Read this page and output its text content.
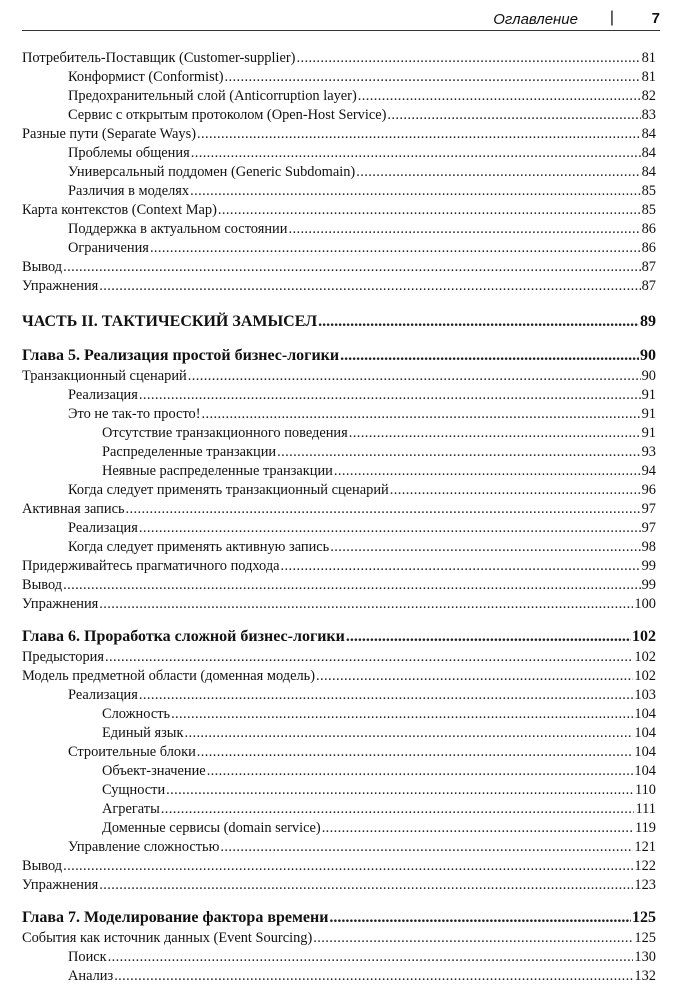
Оглавление |	7
Потребитель-Поставщик (Customer-supplier) . . .	81
Конформист (Conformist) . . .	81
Предохранительный слой (Anticorruption layer) . . .	82
Сервис с открытым протоколом (Open-Host Service) . . .	83
Разные пути (Separate Ways) . . .	84
Проблемы общения . . .	84
Универсальный поддомен (Generic Subdomain) . . .	84
Различия в моделях . . .	85
Карта контекстов (Context Map) . . .	85
Поддержка в актуальном состоянии . . .	86
Ограничения . . .	86
Вывод . . .	87
Упражнения . . .	87
ЧАСТЬ II. ТАКТИЧЕСКИЙ ЗАМЫСЕЛ . . .	89
Глава 5. Реализация простой бизнес-логики . . .	90
Транзакционный сценарий . . .	90
Реализация . . .	91
Это не так-то просто! . . .	91
Отсутствие транзакционного поведения . . .	91
Распределенные транзакции . . .	93
Неявные распределенные транзакции . . .	94
Когда следует применять транзакционный сценарий . . .	96
Активная запись . . .	97
Реализация . . .	97
Когда следует применять активную запись . . .	98
Придерживайтесь прагматичного подхода . . .	99
Вывод . . .	99
Упражнения . . .	100
Глава 6. Проработка сложной бизнес-логики . . .	102
Предыстория . . .	102
Модель предметной области (доменная модель) . . .	102
Реализация . . .	103
Сложность . . .	104
Единый язык . . .	104
Строительные блоки . . .	104
Объект-значение . . .	104
Сущности . . .	110
Агрегаты . . .	111
Доменные сервисы (domain service) . . .	119
Управление сложностью . . .	121
Вывод . . .	122
Упражнения . . .	123
Глава 7. Моделирование фактора времени . . .	125
События как источник данных (Event Sourcing) . . .	125
Поиск . . .	130
Анализ . . .	132
